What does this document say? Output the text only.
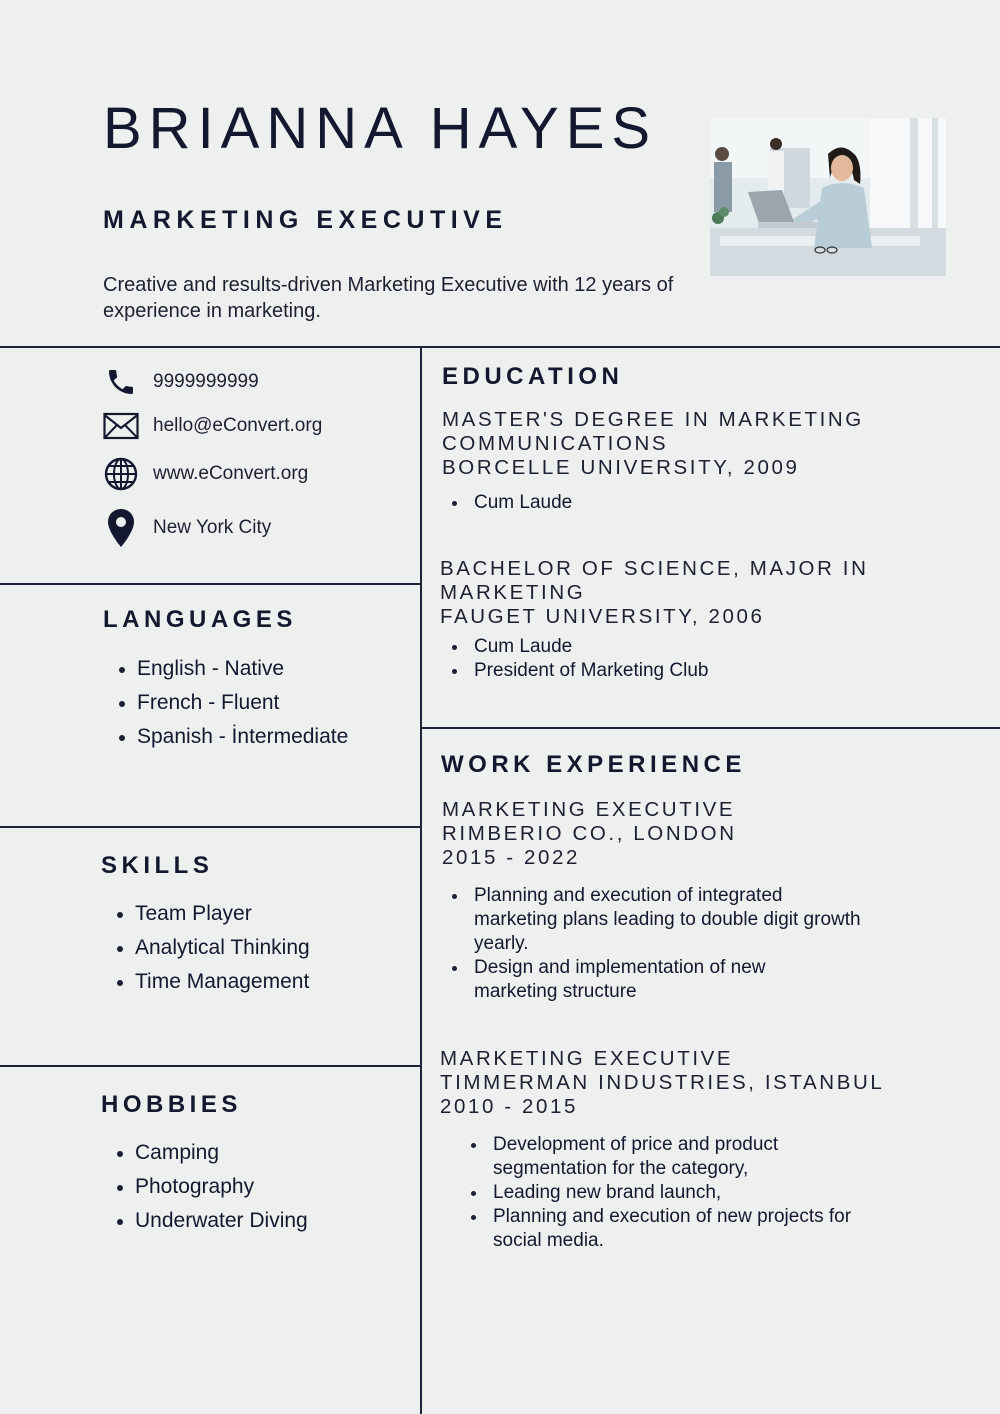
BRIANNA HAYES
MARKETING EXECUTIVE
Creative and results-driven Marketing Executive with 12 years of experience in marketing.
9999999999
hello@eConvert.org
www.eConvert.org
New York City
LANGUAGES
English - Native
French - Fluent
Spanish - İntermediate
SKILLS
Team Player
Analytical Thinking
Time Management
HOBBIES
Camping
Photography
Underwater Diving
EDUCATION
MASTER'S DEGREE IN MARKETING
COMMUNICATIONS
BORCELLE UNIVERSITY, 2009
Cum Laude
BACHELOR OF SCIENCE, MAJOR IN
MARKETING
FAUGET UNIVERSITY, 2006
Cum Laude
President of Marketing Club
WORK EXPERIENCE
MARKETING EXECUTIVE
RIMBERIO CO., LONDON
2015 - 2022
Planning and execution of integrated marketing plans leading to double digit growth yearly.
Design and implementation of new marketing structure
MARKETING EXECUTIVE
TIMMERMAN INDUSTRIES, ISTANBUL
2010 - 2015
Development of price and product segmentation for the category,
Leading new brand launch,
Planning and execution of new projects for social media.
